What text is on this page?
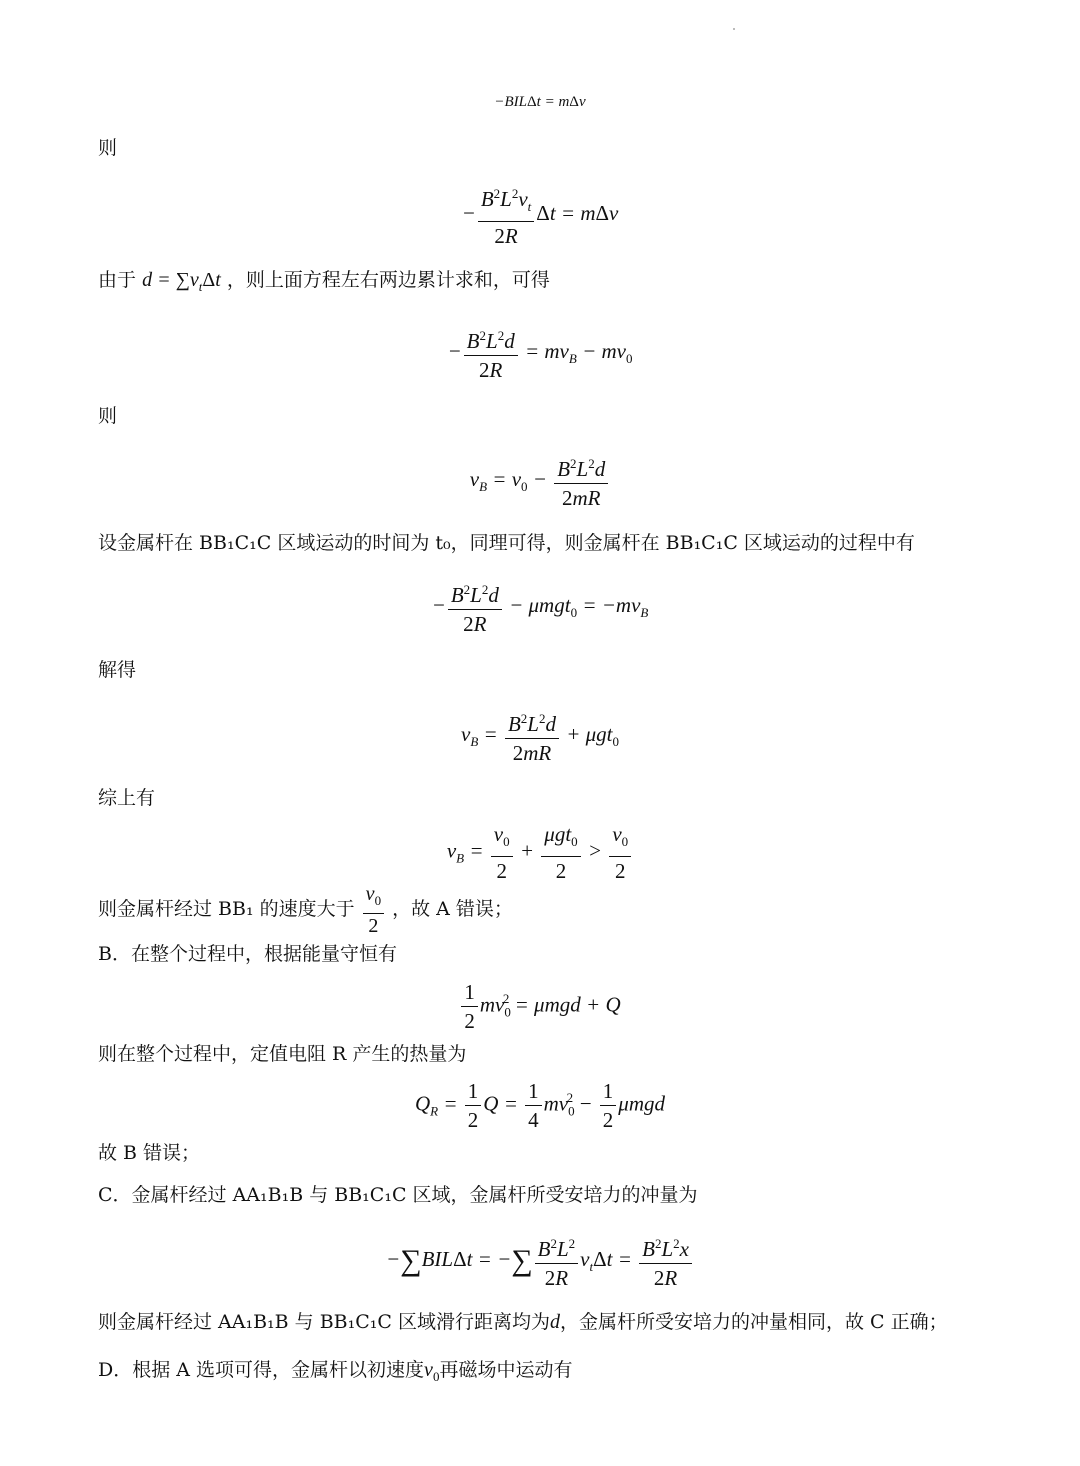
−BILΔt = mΔv
则
− $\frac{B^2L^2v_t}{2R}$ Δt = mΔv
由于 $d = \sum v_t\Delta t$ ，则上面方程左右两边累计求和，可得
− $\frac{B^2L^2d}{2R} = mv_B - mv_0$
则
$v_B = v_0 - \frac{B^2L^2d}{2mR}$
设金属杆在 BB₁C₁C 区域运动的时间为 t₀，同理可得，则金属杆在 BB₁C₁C 区域运动的过程中有
− $\frac{B^2L^2d}{2R} - \mu mgt_0 = -mv_B$
解得
$v_B = \frac{B^2L^2d}{2mR} + \mu gt_0$
综上有
$v_B = \frac{v_0}{2} + \frac{\mu gt_0}{2} > \frac{v_0}{2}$
则金属杆经过 BB₁ 的速度大于 $\frac{v_0}{2}$ ，故 A 错误；
B．在整个过程中，根据能量守恒有
$\frac{1}{2} mv_0^2 = \mu mgd + Q$
则在整个过程中，定值电阻 R 产生的热量为
$Q_R = \frac{1}{2}$ $Q = \frac{1}{4} mv_0^2 - \frac{1}{2}$ μmgd
故 B 错误；
C．金属杆经过 AA₁B₁B 与 BB₁C₁C 区域，金属杆所受安培力的冲量为
−∑BILΔt = −∑ $\frac{B^2L^2}{2R} v_t\Delta t = \frac{B^2L^2x}{2R}$
则金属杆经过 AA₁B₁B 与 BB₁C₁C 区域滑行距离均为d，金属杆所受安培力的冲量相同，故 C 正确；
D．根据 A 选项可得，金属杆以初速度$v_0$再磁场中运动有
